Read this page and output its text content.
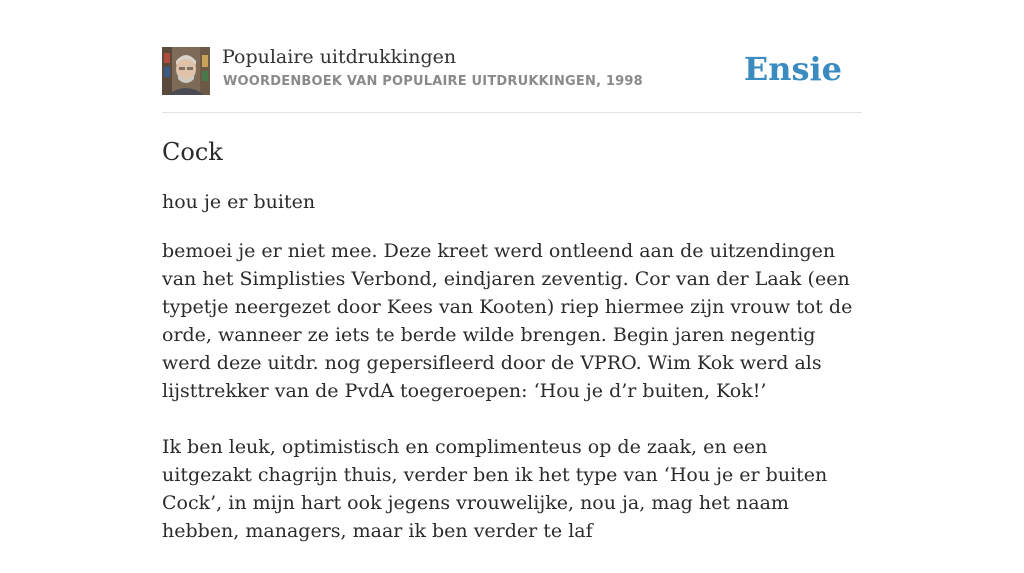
Populaire uitdrukkingen
WOORDENBOEK VAN POPULAIRE UITDRUKKINGEN, 1998	Ensie
Cock
hou je er buiten

bemoei je er niet mee. Deze kreet werd ontleend aan de uitzendingen van het Simplisties Verbond, eindjaren zeventig. Cor van der Laak (een typetje neergezet door Kees van Kooten) riep hiermee zijn vrouw tot de orde, wanneer ze iets te berde wilde brengen. Begin jaren negentig werd deze uitdr. nog gepersifleerd door de VPRO. Wim Kok werd als lijsttrekker van de PvdA toegeroepen: ‘Hou je d’r buiten, Kok!’

Ik ben leuk, optimistisch en complimenteus op de zaak, en een uitgezakt chagrijn thuis, verder ben ik het type van ‘Hou je er buiten Cock’, in mijn hart ook jegens vrouwelijke, nou ja, mag het naam hebben, managers, maar ik ben verder te laf
